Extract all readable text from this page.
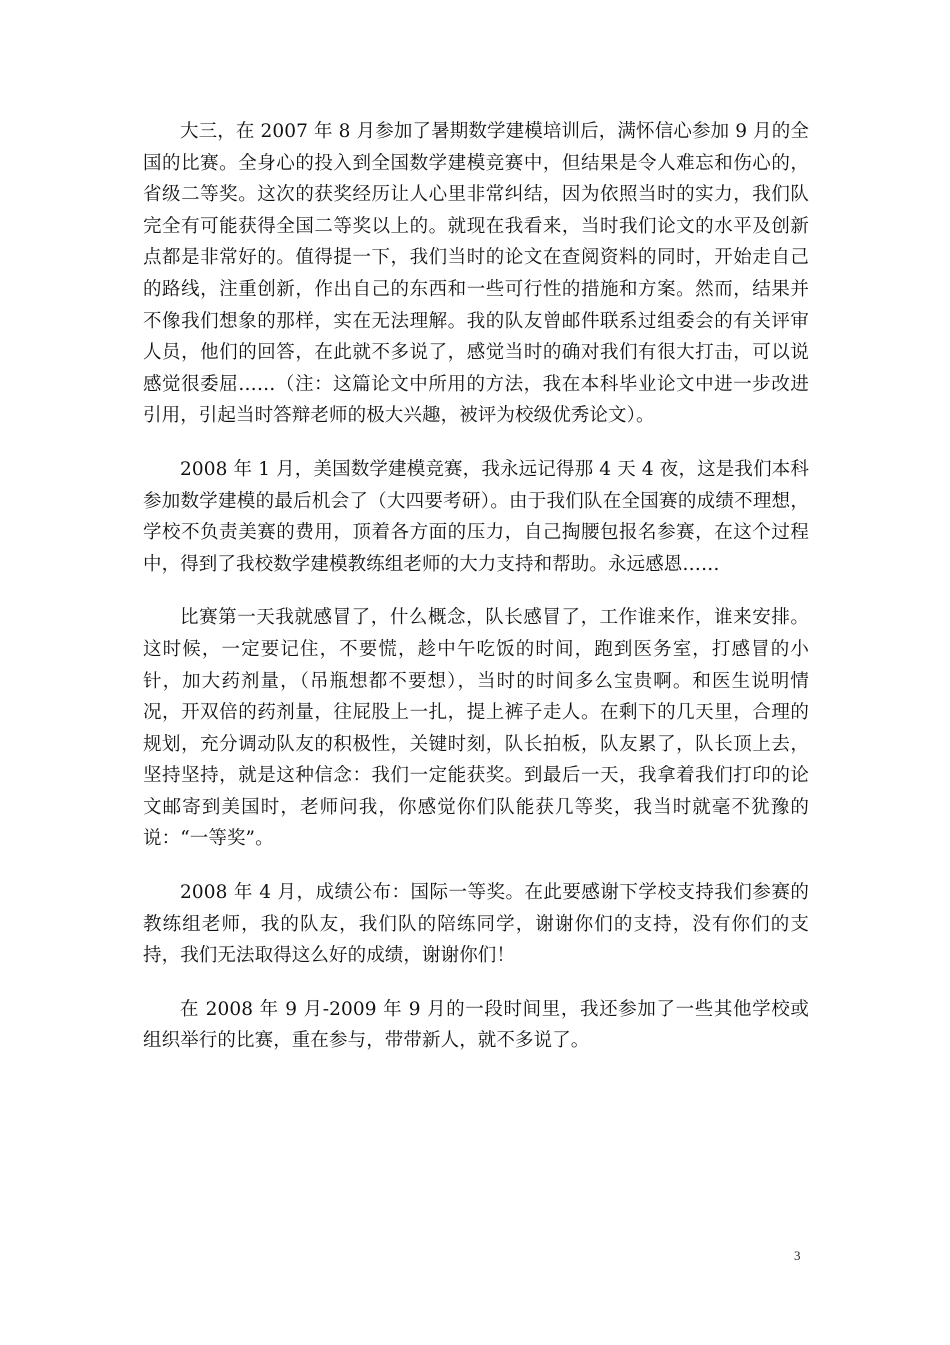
大三，在 2007 年 8 月参加了暑期数学建模培训后，满怀信心参加 9 月的全国的比赛。全身心的投入到全国数学建模竞赛中，但结果是令人难忘和伤心的，省级二等奖。这次的获奖经历让人心里非常纠结，因为依照当时的实力，我们队完全有可能获得全国二等奖以上的。就现在我看来，当时我们论文的水平及创新点都是非常好的。值得提一下，我们当时的论文在查阅资料的同时，开始走自己的路线，注重创新，作出自己的东西和一些可行性的措施和方案。然而，结果并不像我们想象的那样，实在无法理解。我的队友曾邮件联系过组委会的有关评审人员，他们的回答，在此就不多说了，感觉当时的确对我们有很大打击，可以说感觉很委屈……（注：这篇论文中所用的方法，我在本科毕业论文中进一步改进引用，引起当时答辩老师的极大兴趣，被评为校级优秀论文）。

2008 年 1 月，美国数学建模竞赛，我永远记得那 4 天 4 夜，这是我们本科参加数学建模的最后机会了（大四要考研）。由于我们队在全国赛的成绩不理想，学校不负责美赛的费用，顶着各方面的压力，自己掏腰包报名参赛，在这个过程中，得到了我校数学建模教练组老师的大力支持和帮助。永远感恩……

比赛第一天我就感冒了，什么概念，队长感冒了，工作谁来作，谁来安排。这时候，一定要记住，不要慌，趁中午吃饭的时间，跑到医务室，打感冒的小针，加大药剂量，（吊瓶想都不要想），当时的时间多么宝贵啊。和医生说明情况，开双倍的药剂量，往屁股上一扎，提上裤子走人。在剩下的几天里，合理的规划，充分调动队友的积极性，关键时刻，队长拍板，队友累了，队长顶上去，坚持坚持，就是这种信念：我们一定能获奖。到最后一天，我拿着我们打印的论文邮寄到美国时，老师问我，你感觉你们队能获几等奖，我当时就毫不犹豫的说：“一等奖”。

2008 年 4 月，成绩公布：国际一等奖。在此要感谢下学校支持我们参赛的教练组老师，我的队友，我们队的陪练同学，谢谢你们的支持，没有你们的支持，我们无法取得这么好的成绩，谢谢你们！

在 2008 年 9 月-2009 年 9 月的一段时间里，我还参加了一些其他学校或组织举行的比赛，重在参与，带带新人，就不多说了。

3
